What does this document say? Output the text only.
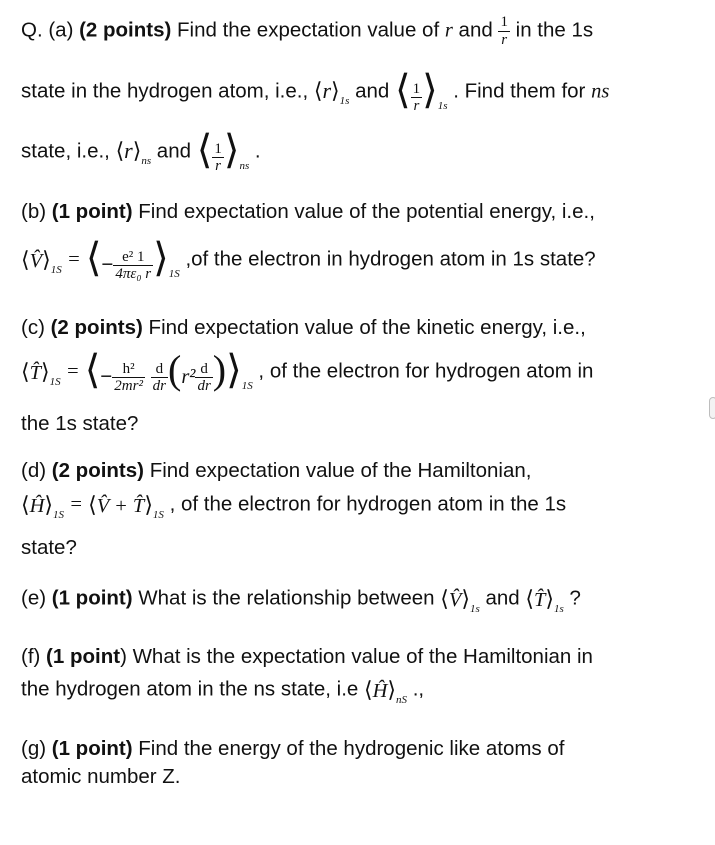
Q. (a) (2 points) Find the expectation value of r and $\frac{1}{r}$ in the 1s
state in the hydrogen atom, i.e., $⟨r⟩_{1s}$ and ⟨ $\frac{1}{r}$ $⟩_{1s}$ . Find them for ns
state, i.e., $⟨r⟩_{ns}$ and ⟨ $\frac{1}{r}$ $⟩_{ns}$ .
(b) (1 point) Find expectation value of the potential energy, i.e.,
$⟨V̂⟩_{1S}$ = ⟨− $\frac{\text{e² 1}}{\text{4πε₀ r}}$ $⟩_{1S}$ ,of the electron in hydrogen atom in 1s state?
(c) (2 points) Find expectation value of the kinetic energy, i.e.,
$⟨T̂⟩_{1S}$ = ⟨− $\frac{\text{h²}}{\text{2mr²}}$
$\frac{d}{dr} (r^2 \frac{d}{dr}$ )$⟩_{1S}$ , of the electron for hydrogen atom in
the 1s state?
(d) (2 points) Find expectation value of the Hamiltonian,
$⟨Ĥ⟩_{1S}$ = ⟨V̂ + $T̂⟩_{1S}$ , of the electron for hydrogen atom in the 1s
state?
(e) (1 point) What is the relationship between $⟨V̂⟩_{1s}$ and $⟨T̂⟩_{1s}$ ?
(f) (1 point) What is the expectation value of the Hamiltonian in
the hydrogen atom in the ns state, i.e $⟨Ĥ⟩_{nS}$ .,
(g) (1 point) Find the energy of the hydrogenic like atoms of
atomic number Z.
